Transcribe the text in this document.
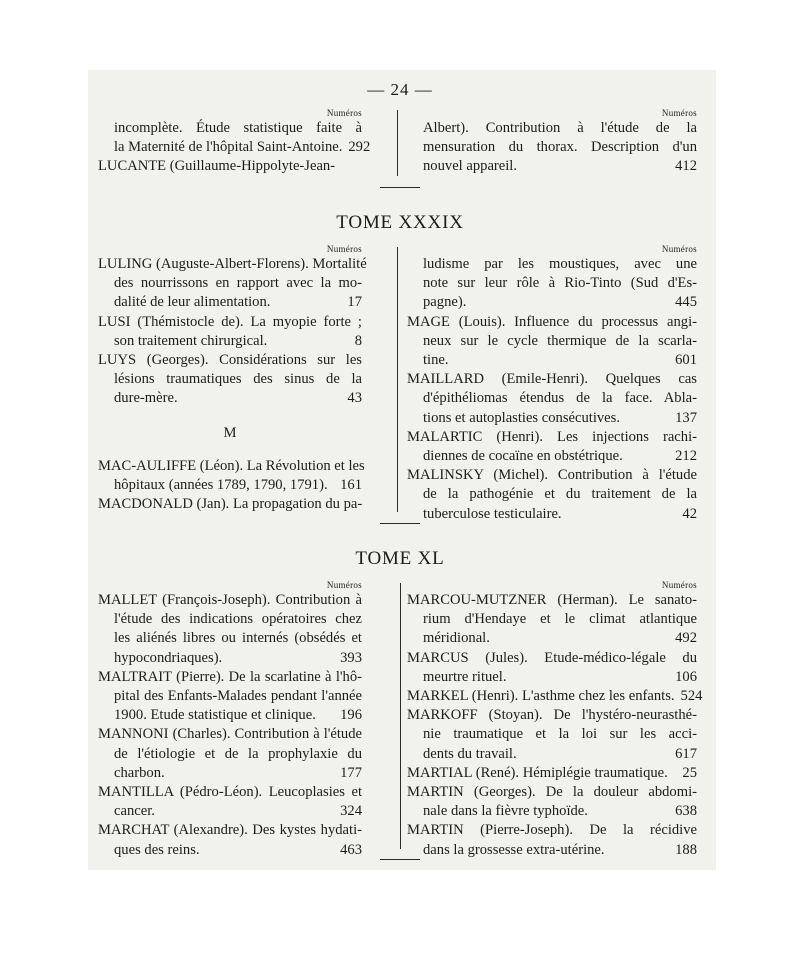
— 24 —
Numéros
incomplète. Étude statistique faite à
la Maternité de l'hôpital Saint-Antoine. 292
LUCANTE (Guillaume-Hippolyte-Jean-
Numéros
Albert). Contribution à l'étude de la
mensuration du thorax. Description d'un
nouvel appareil.	412
TOME XXXIX
Numéros
LULING (Auguste-Albert-Florens). Mortalité
des nourrissons en rapport avec la mo-
dalité de leur alimentation.	17
LUSI (Thémistocle de). La myopie forte ;
son traitement chirurgical.	8
LUYS (Georges). Considérations sur les
lésions traumatiques des sinus de la
dure-mère.	43
M
MAC-AULIFFE (Léon). La Révolution et les
hôpitaux (années 1789, 1790, 1791). 161
MACDONALD (Jan). La propagation du pa-
Numéros
ludisme par les moustiques, avec une
note sur leur rôle à Rio-Tinto (Sud d'Es-
pagne).	445
MAGE (Louis). Influence du processus angi-
neux sur le cycle thermique de la scarla-
tine.	601
MAILLARD (Emile-Henri). Quelques cas
d'épithéliomas étendus de la face. Abla-
tions et autoplasties consécutives.	137
MALARTIC (Henri). Les injections rachi-
diennes de cocaïne en obstétrique.	212
MALINSKY (Michel). Contribution à l'étude
de la pathogénie et du traitement de la
tuberculose testiculaire.	42
TOME XL
Numéros
MALLET (François-Joseph). Contribution à
l'étude des indications opératoires chez
les aliénés libres ou internés (obsédés et
hypocondriaques).	393
MALTRAIT (Pierre). De la scarlatine à l'hô-
pital des Enfants-Malades pendant l'année
1900. Etude statistique et clinique.	196
MANNONI (Charles). Contribution à l'étude
de l'étiologie et de la prophylaxie du
charbon.	177
MANTILLA (Pédro-Léon). Leucoplasies et
cancer.	324
MARCHAT (Alexandre). Des kystes hydati-
ques des reins.	463
Numéros
MARCOU-MUTZNER (Herman). Le sanato-
rium d'Hendaye et le climat atlantique
méridional.	492
MARCUS (Jules). Etude-médico-légale du
meurtre rituel.	106
MARKEL (Henri). L'asthme chez les enfants. 524
MARKOFF (Stoyan). De l'hystéro-neurasthé-
nie traumatique et la loi sur les acci-
dents du travail.	617
MARTIAL (René). Hémiplégie traumatique.	25
MARTIN (Georges). De la douleur abdomi-
nale dans la fièvre typhoïde.	638
MARTIN (Pierre-Joseph). De la récidive
dans la grossesse extra-utérine.	188
